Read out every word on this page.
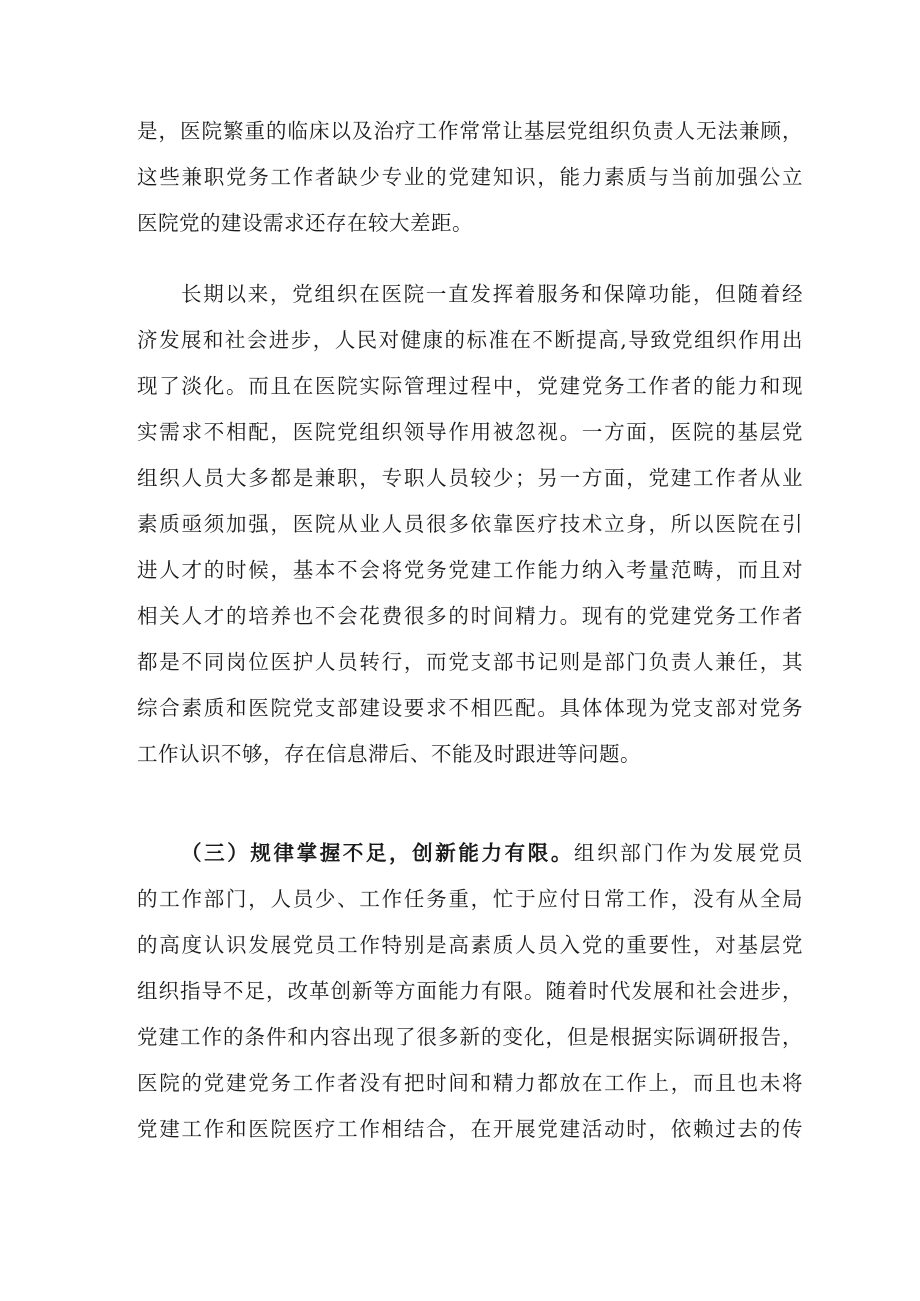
是，医院繁重的临床以及治疗工作常常让基层党组织负责人无法兼顾，
这些兼职党务工作者缺少专业的党建知识，能力素质与当前加强公立
医院党的建设需求还存在较大差距。
长期以来，党组织在医院一直发挥着服务和保障功能，但随着经
济发展和社会进步，人民对健康的标准在不断提高,导致党组织作用出
现了淡化。而且在医院实际管理过程中，党建党务工作者的能力和现
实需求不相配，医院党组织领导作用被忽视。一方面，医院的基层党
组织人员大多都是兼职，专职人员较少；另一方面，党建工作者从业
素质亟须加强，医院从业人员很多依靠医疗技术立身，所以医院在引
进人才的时候，基本不会将党务党建工作能力纳入考量范畴，而且对
相关人才的培养也不会花费很多的时间精力。现有的党建党务工作者
都是不同岗位医护人员转行，而党支部书记则是部门负责人兼任，其
综合素质和医院党支部建设要求不相匹配。具体体现为党支部对党务
工作认识不够，存在信息滞后、不能及时跟进等问题。
（三）规律掌握不足，创新能力有限。组织部门作为发展党员
的工作部门，人员少、工作任务重，忙于应付日常工作，没有从全局
的高度认识发展党员工作特别是高素质人员入党的重要性，对基层党
组织指导不足，改革创新等方面能力有限。随着时代发展和社会进步，
党建工作的条件和内容出现了很多新的变化，但是根据实际调研报告，
医院的党建党务工作者没有把时间和精力都放在工作上，而且也未将
党建工作和医院医疗工作相结合，在开展党建活动时，依赖过去的传
